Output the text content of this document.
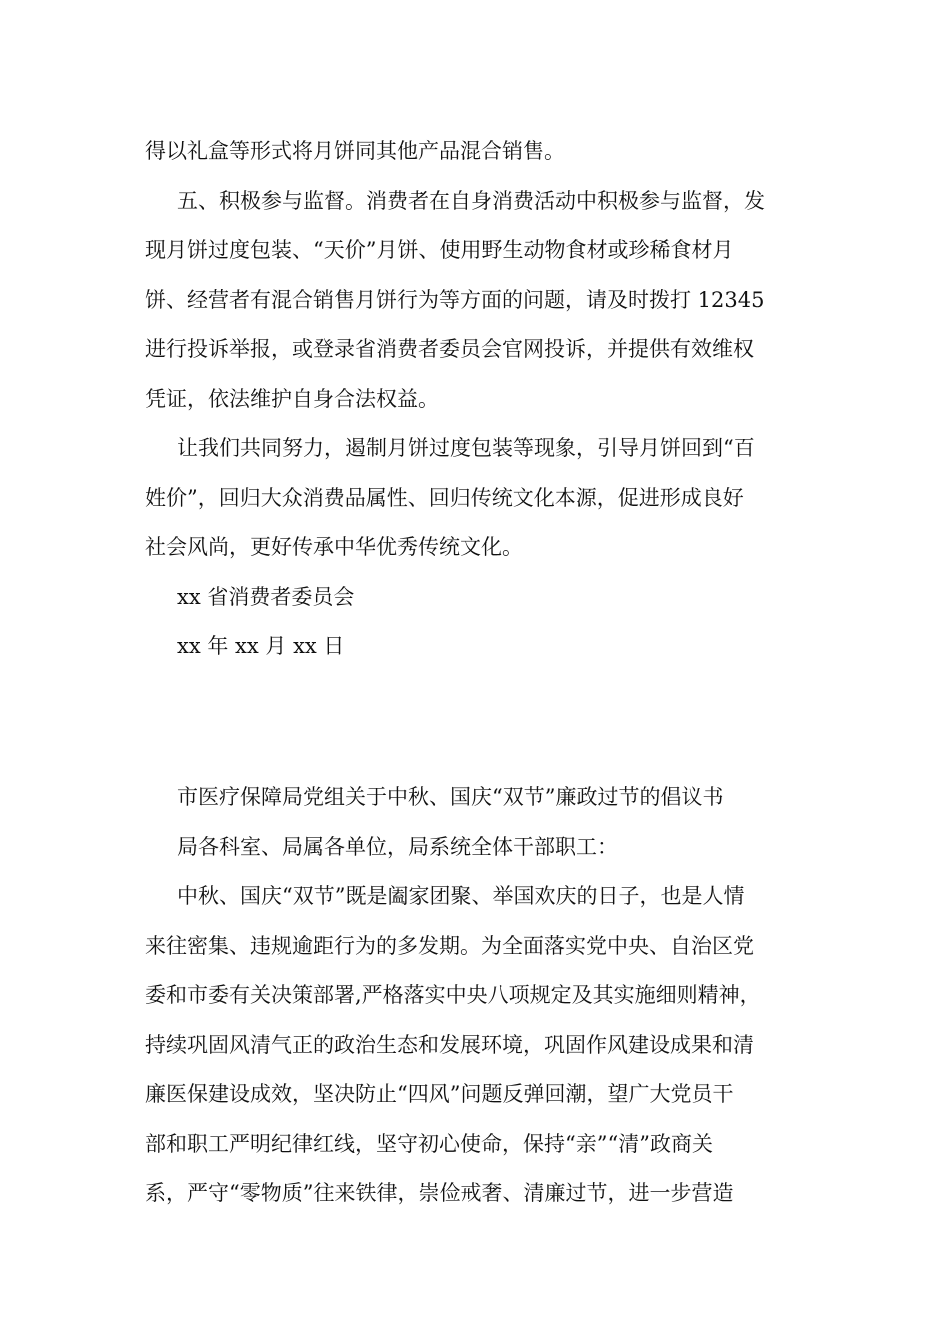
得以礼盒等形式将月饼同其他产品混合销售。
五、积极参与监督。消费者在自身消费活动中积极参与监督，发
现月饼过度包装、“天价”月饼、使用野生动物食材或珍稀食材月
饼、经营者有混合销售月饼行为等方面的问题，请及时拨打 12345
进行投诉举报，或登录省消费者委员会官网投诉，并提供有效维权
凭证，依法维护自身合法权益。
让我们共同努力，遏制月饼过度包装等现象，引导月饼回到“百
姓价”，回归大众消费品属性、回归传统文化本源，促进形成良好
社会风尚，更好传承中华优秀传统文化。
xx 省消费者委员会
xx 年 xx 月 xx 日
市医疗保障局党组关于中秋、国庆“双节”廉政过节的倡议书
局各科室、局属各单位，局系统全体干部职工：
中秋、国庆“双节”既是阖家团聚、举国欢庆的日子，也是人情
来往密集、违规逾距行为的多发期。为全面落实党中央、自治区党
委和市委有关决策部署,严格落实中央八项规定及其实施细则精神，
持续巩固风清气正的政治生态和发展环境，巩固作风建设成果和清
廉医保建设成效，坚决防止“四风”问题反弹回潮，望广大党员干
部和职工严明纪律红线，坚守初心使命，保持“亲”“清”政商关
系，严守“零物质”往来铁律，崇俭戒奢、清廉过节，进一步营造
